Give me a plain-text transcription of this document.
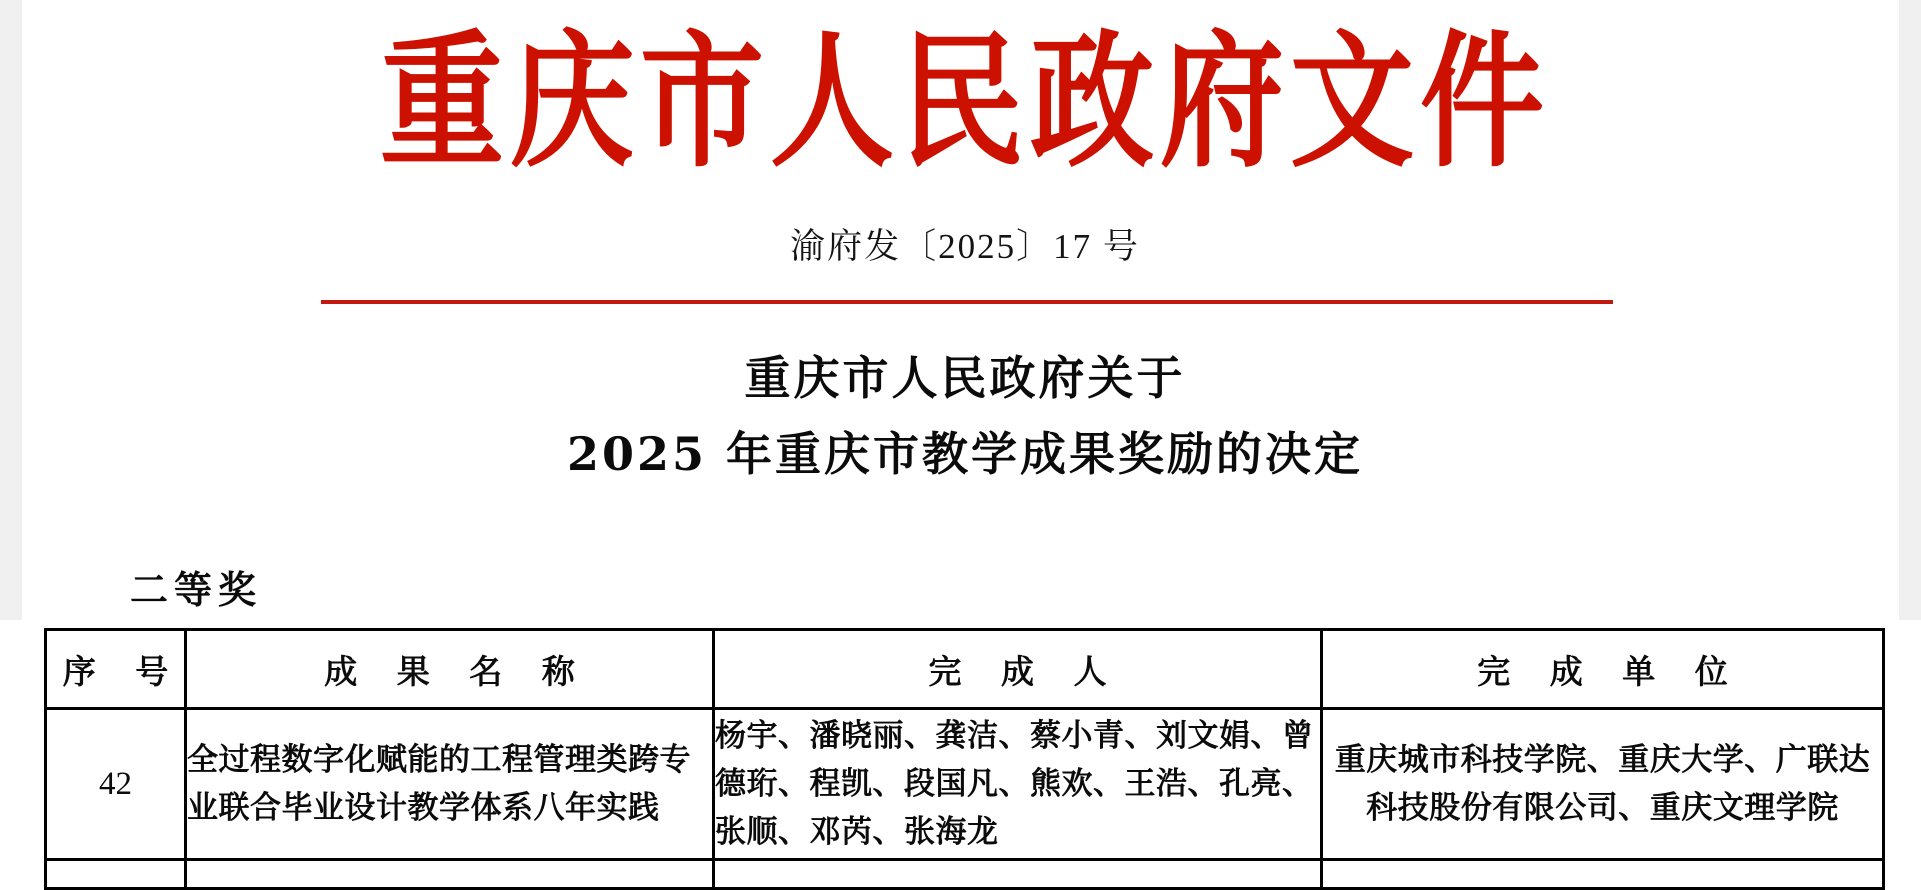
重庆市人民政府文件
渝府发〔2025〕17 号
重庆市人民政府关于
2025 年重庆市教学成果奖励的决定
二等奖
序 号	成 果 名 称	完 成 人	完 成 单 位
42	全过程数字化赋能的工程管理类跨专业联合毕业设计教学体系八年实践	杨宇、潘晓丽、龚洁、蔡小青、刘文娟、曾德珩、程凯、段国凡、熊欢、王浩、孔亮、张顺、邓芮、张海龙	重庆城市科技学院、重庆大学、广联达科技股份有限公司、重庆文理学院
